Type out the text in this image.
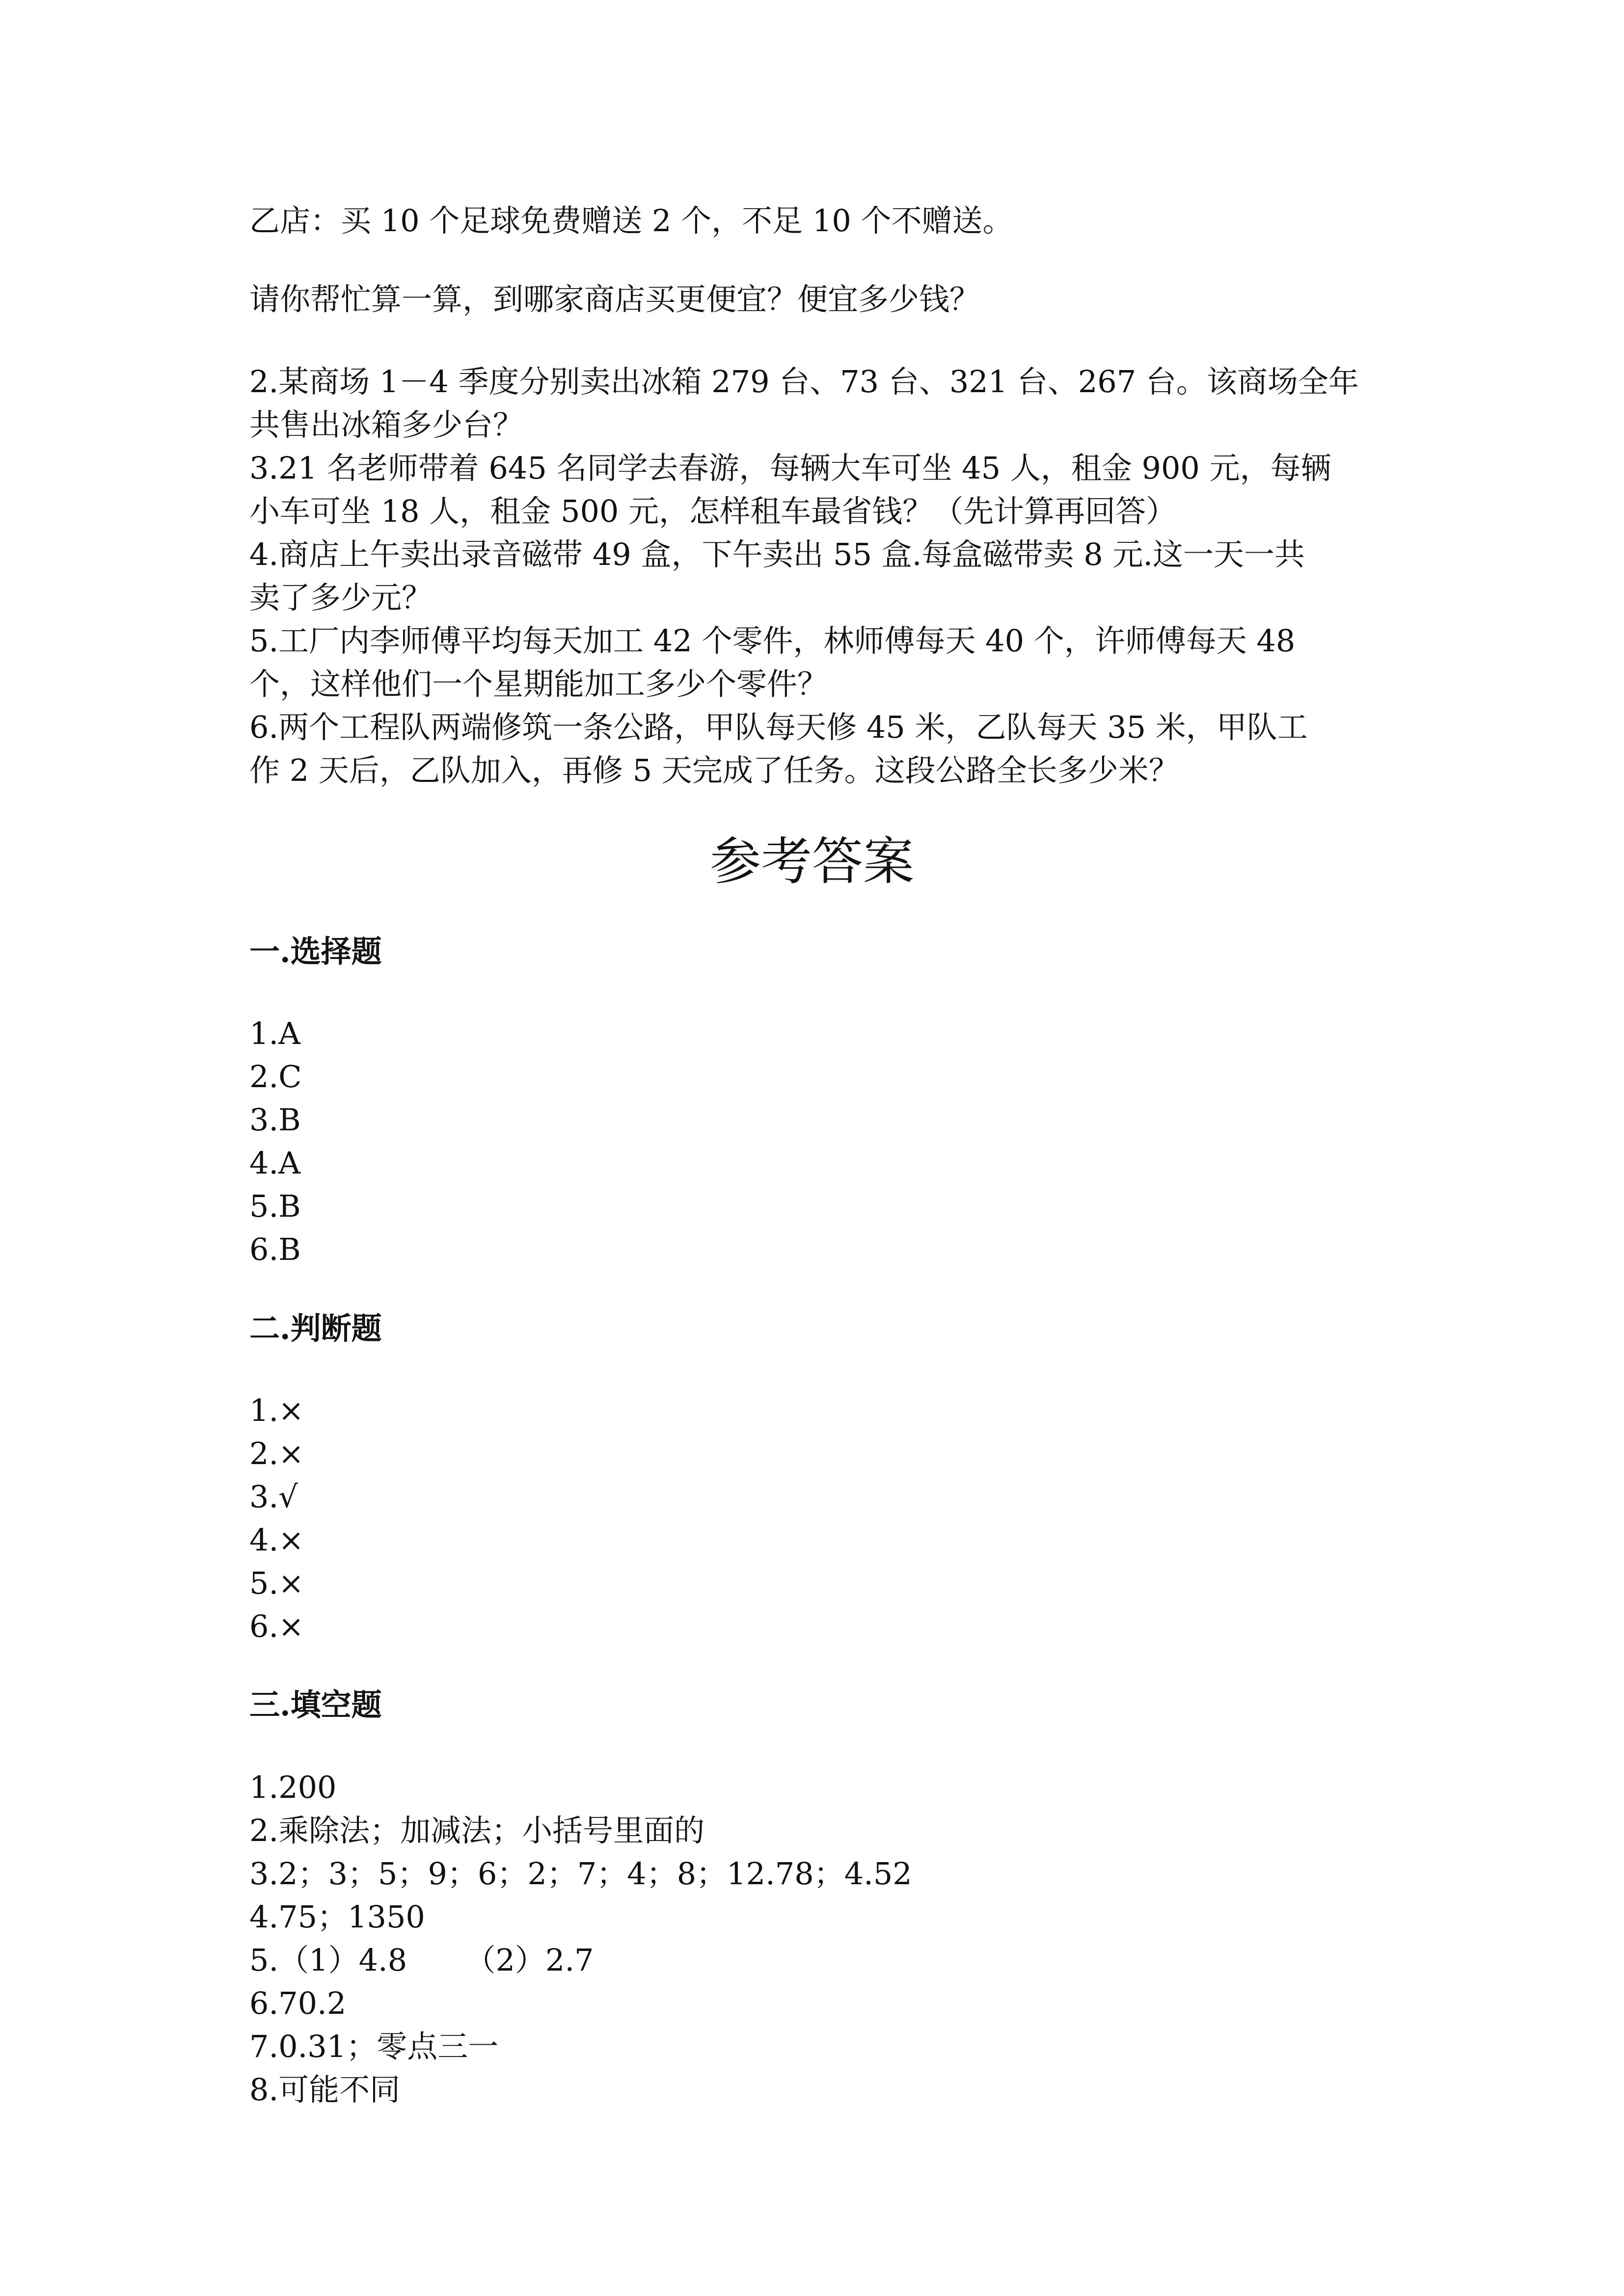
乙店：买 10 个足球免费赠送 2 个，不足 10 个不赠送。
请你帮忙算一算，到哪家商店买更便宜？便宜多少钱？
2.某商场 1－4 季度分别卖出冰箱 279 台、73 台、321 台、267 台。该商场全年
共售出冰箱多少台？
3.21 名老师带着 645 名同学去春游，每辆大车可坐 45 人，租金 900 元，每辆
小车可坐 18 人，租金 500 元，怎样租车最省钱？（先计算再回答）
4.商店上午卖出录音磁带 49 盒，下午卖出 55 盒.每盒磁带卖 8 元.这一天一共
卖了多少元？
5.工厂内李师傅平均每天加工 42 个零件，林师傅每天 40 个，许师傅每天 48
个，这样他们一个星期能加工多少个零件？
6.两个工程队两端修筑一条公路，甲队每天修 45 米，乙队每天 35 米，甲队工
作 2 天后，乙队加入，再修 5 天完成了任务。这段公路全长多少米？
参考答案
一.选择题
1.A
2.C
3.B
4.A
5.B
6.B
二.判断题
1.×
2.×
3.√
4.×
5.×
6.×
三.填空题
1.200
2.乘除法；加减法；小括号里面的
3.2；3；5；9；6；2；7；4；8；12.78；4.52
4.75；1350
5.（1）4.8      （2）2.7
6.70.2
7.0.31；零点三一
8.可能不同
